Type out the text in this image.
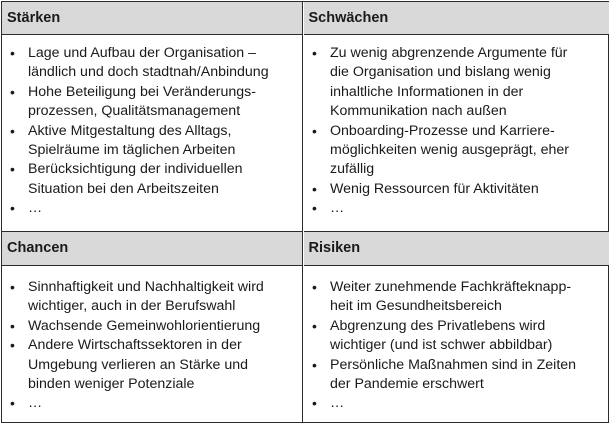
Stärken	Schwächen
• Lage und Aufbau der Organisation –
ländlich und doch stadtnah/Anbindung
• Hohe Beteiligung bei Veränderungs-
prozessen, Qualitätsmanagement
• Aktive Mitgestaltung des Alltags,
Spielräume im täglichen Arbeiten
• Berücksichtigung der individuellen
Situation bei den Arbeitszeiten
• …
• Zu wenig abgrenzende Argumente für
die Organisation und bislang wenig
inhaltliche Informationen in der
Kommunikation nach außen
• Onboarding-Prozesse und Karriere-
möglichkeiten wenig ausgeprägt, eher
zufällig
• Wenig Ressourcen für Aktivitäten
• …
Chancen	Risiken
• Sinnhaftigkeit und Nachhaltigkeit wird
wichtiger, auch in der Berufswahl
• Wachsende Gemeinwohlorientierung
• Andere Wirtschaftssektoren in der
Umgebung verlieren an Stärke und
binden weniger Potenziale
• …
• Weiter zunehmende Fachkräfteknapp-
heit im Gesundheitsbereich
• Abgrenzung des Privatlebens wird
wichtiger (und ist schwer abbildbar)
• Persönliche Maßnahmen sind in Zeiten
der Pandemie erschwert
• …
